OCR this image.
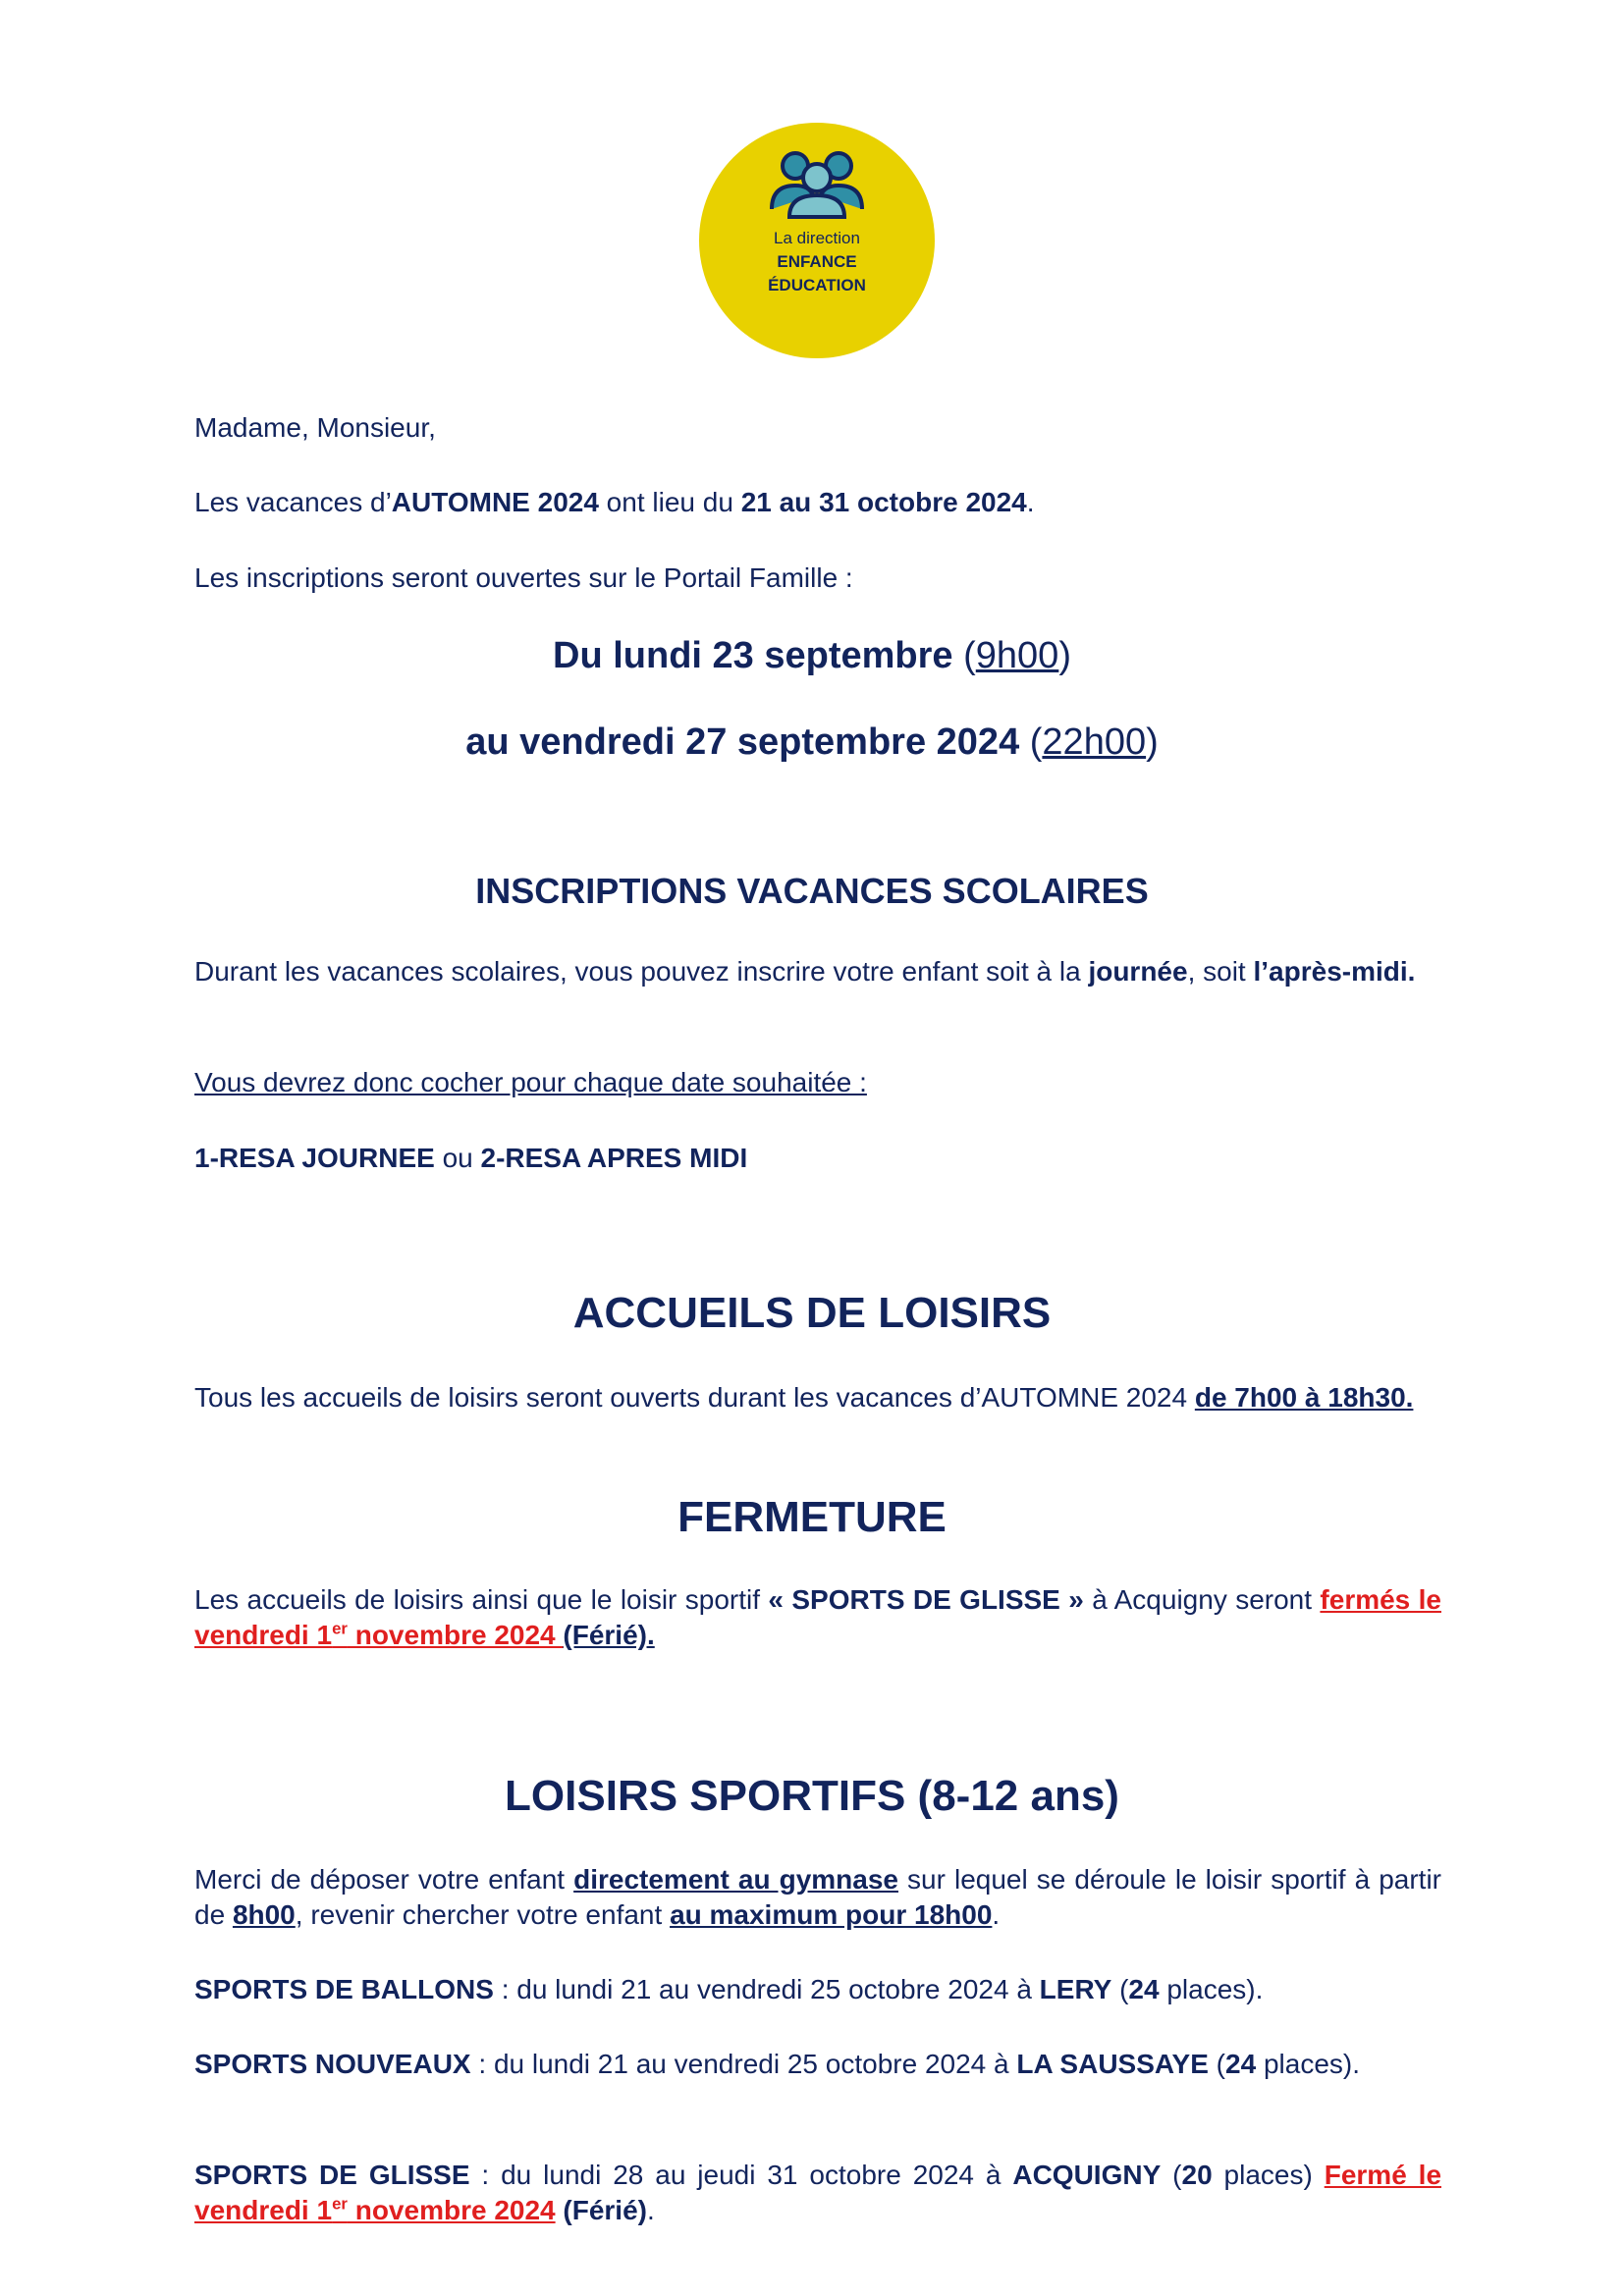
La direction
ENFANCE
ÉDUCATION

Madame, Monsieur,

Les vacances d’AUTOMNE 2024 ont lieu du 21 au 31 octobre 2024.

Les inscriptions seront ouvertes sur le Portail Famille :

Du lundi 23 septembre (9h00)

au vendredi 27 septembre 2024 (22h00)

INSCRIPTIONS VACANCES SCOLAIRES

Durant les vacances scolaires, vous pouvez inscrire votre enfant soit à la journée, soit l’après-midi.

Vous devrez donc cocher pour chaque date souhaitée :

1-RESA JOURNEE ou 2-RESA APRES MIDI

ACCUEILS DE LOISIRS

Tous les accueils de loisirs seront ouverts durant les vacances d’AUTOMNE 2024 de 7h00 à 18h30.

FERMETURE

Les accueils de loisirs ainsi que le loisir sportif « SPORTS DE GLISSE » à Acquigny seront fermés le vendredi 1er novembre 2024 (Férié).

LOISIRS SPORTIFS (8-12 ans)

Merci de déposer votre enfant directement au gymnase sur lequel se déroule le loisir sportif à partir de 8h00, revenir chercher votre enfant au maximum pour 18h00.

SPORTS DE BALLONS : du lundi 21 au vendredi 25 octobre 2024 à LERY (24 places).

SPORTS NOUVEAUX : du lundi 21 au vendredi 25 octobre 2024 à LA SAUSSAYE (24 places).

SPORTS DE GLISSE : du lundi 28 au jeudi 31 octobre 2024 à ACQUIGNY (20 places) Fermé le vendredi 1er novembre 2024 (Férié).
